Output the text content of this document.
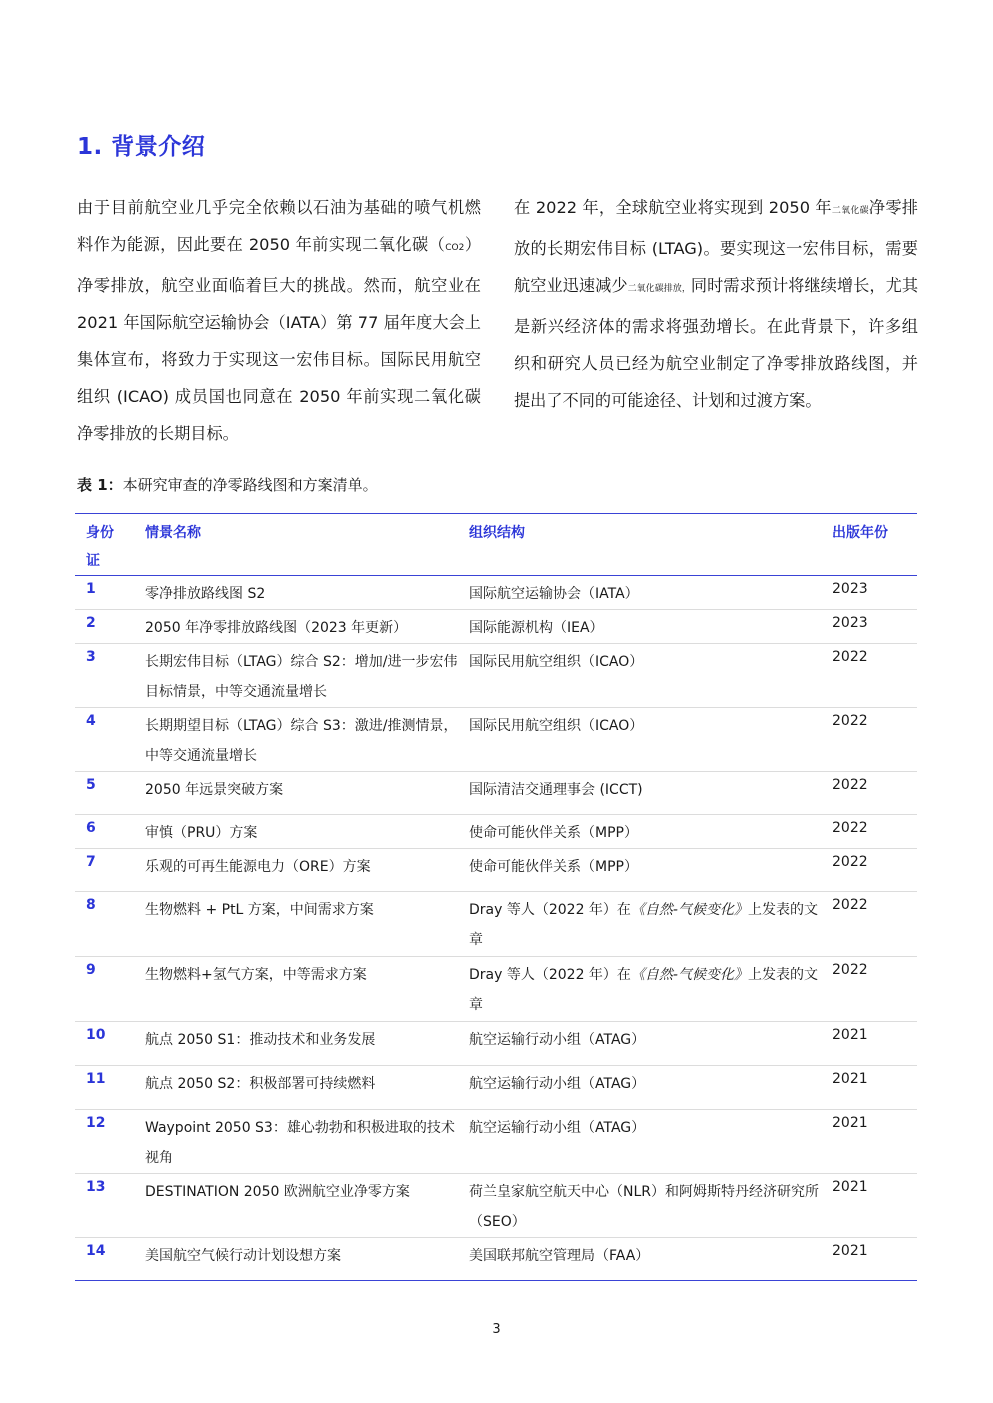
1. 背景介绍

由于目前航空业几乎完全依赖以石油为基础的喷气机燃料作为能源，因此要在 2050 年前实现二氧化碳（CO2）净零排放，航空业面临着巨大的挑战。然而，航空业在 2021 年国际航空运输协会（IATA）第 77 届年度大会上集体宣布，将致力于实现这一宏伟目标。国际民用航空组织 (ICAO) 成员国也同意在 2050 年前实现二氧化碳净零排放的长期目标。

在 2022 年，全球航空业将实现到 2050 年二氧化碳净零排放的长期宏伟目标 (LTAG)。要实现这一宏伟目标，需要航空业迅速减少二氧化碳排放，同时需求预计将继续增长，尤其是新兴经济体的需求将强劲增长。在此背景下，许多组织和研究人员已经为航空业制定了净零排放路线图，并提出了不同的可能途径、计划和过渡方案。

表 1：本研究审查的净零路线图和方案清单。
身份证	情景名称	组织结构	出版年份
1	零净排放路线图 S2	国际航空运输协会（IATA）	2023
2	2050 年净零排放路线图（2023 年更新）	国际能源机构（IEA）	2023
3	长期宏伟目标（LTAG）综合 S2：增加/进一步宏伟目标情景，中等交通流量增长	国际民用航空组织（ICAO）	2022
4	长期期望目标（LTAG）综合 S3：激进/推测情景，中等交通流量增长	国际民用航空组织（ICAO）	2022
5	2050 年远景突破方案	国际清洁交通理事会 (ICCT)	2022
6	审慎（PRU）方案	使命可能伙伴关系（MPP）	2022
7	乐观的可再生能源电力（ORE）方案	使命可能伙伴关系（MPP）	2022
8	生物燃料 + PtL 方案，中间需求方案	Dray 等人（2022 年）在《自然-气候变化》上发表的文章	2022
9	生物燃料+氢气方案，中等需求方案	Dray 等人（2022 年）在《自然-气候变化》上发表的文章	2022
10	航点 2050 S1：推动技术和业务发展	航空运输行动小组（ATAG）	2021
11	航点 2050 S2：积极部署可持续燃料	航空运输行动小组（ATAG）	2021
12	Waypoint 2050 S3：雄心勃勃和积极进取的技术视角	航空运输行动小组（ATAG）	2021
13	DESTINATION 2050 欧洲航空业净零方案	荷兰皇家航空航天中心（NLR）和阿姆斯特丹经济研究所（SEO）	2021
14	美国航空气候行动计划设想方案	美国联邦航空管理局（FAA）	2021
3
